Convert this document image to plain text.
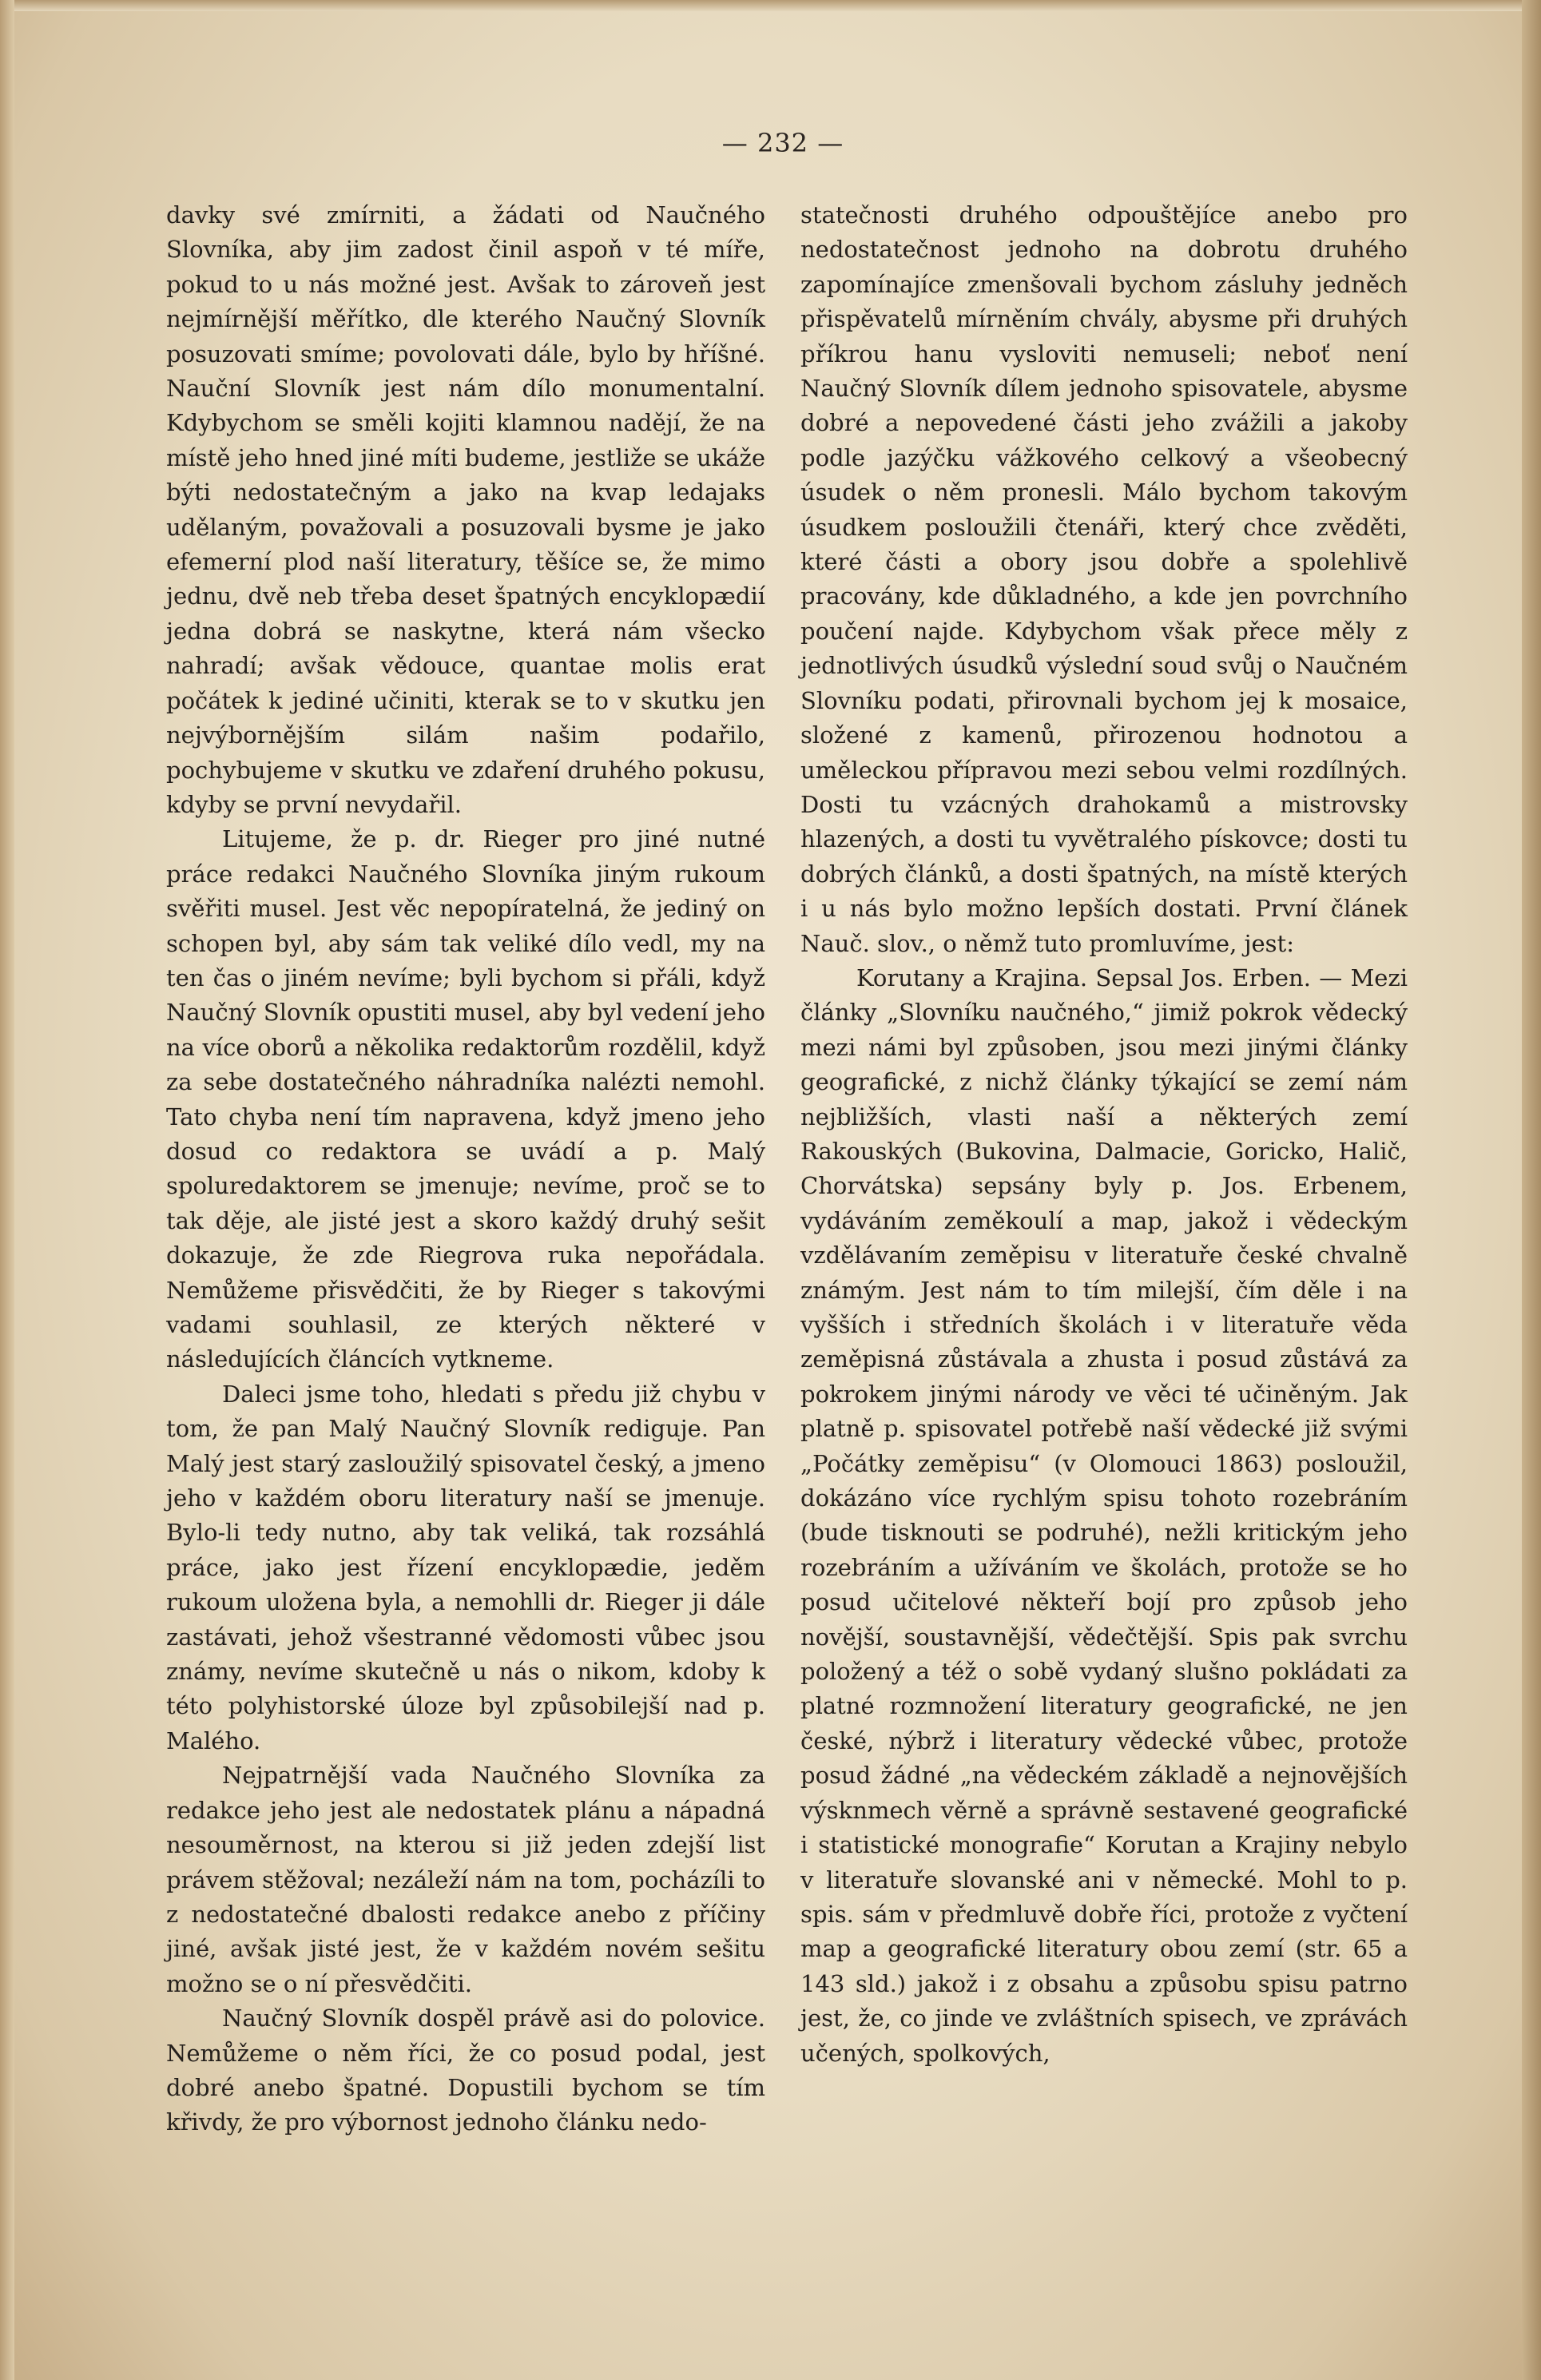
— 232 —

davky své zmírniti, a žádati od Naučného Slovníka, aby jim zadost činil aspoň v té míře, pokud to u nás možné jest. Avšak to zároveň jest nejmírnější měřítko, dle kterého Naučný Slovník posuzovati smíme; povolovati dále, bylo by hříšné. Nauční Slovník jest nám dílo monumentalní. Kdybychom se směli kojiti klamnou nadějí, že na místě jeho hned jiné míti budeme, jestliže se ukáže býti nedostatečným a jako na kvap ledajaks udělaným, považovali a posuzovali bysme je jako efemerní plod naší literatury, těšíce se, že mimo jednu, dvě neb třeba deset špatných encyklopædií jedna dobrá se naskytne, která nám všecko nahradí; avšak vědouce, quantae molis erat počátek k jediné učiniti, kterak se to v skutku jen nejvýbornějším silám našim podařilo, pochybujeme v skutku ve zdaření druhého pokusu, kdyby se první nevydařil.

Litujeme, že p. dr. Rieger pro jiné nutné práce redakci Naučného Slovníka jiným rukoum svěřiti musel. Jest věc nepopíratelná, že jediný on schopen byl, aby sám tak veliké dílo vedl, my na ten čas o jiném nevíme; byli bychom si přáli, když Naučný Slovník opustiti musel, aby byl vedení jeho na více oborů a několika redaktorům rozdělil, když za sebe dostatečného náhradníka nalézti nemohl. Tato chyba není tím napravena, když jmeno jeho dosud co redaktora se uvádí a p. Malý spoluredaktorem se jmenuje; nevíme, proč se to tak děje, ale jisté jest a skoro každý druhý sešit dokazuje, že zde Riegrova ruka nepořádala. Nemůžeme přisvědčiti, že by Rieger s takovými vadami souhlasil, ze kterých některé v následujících článcích vytkneme.

Daleci jsme toho, hledati s předu již chybu v tom, že pan Malý Naučný Slovník rediguje. Pan Malý jest starý zasloužilý spisovatel český, a jmeno jeho v každém oboru literatury naší se jmenuje. Bylo-li tedy nutno, aby tak veliká, tak rozsáhlá práce, jako jest řízení encyklopædie, jeděm rukoum uložena byla, a nemohlli dr. Rieger ji dále zastávati, jehož všestranné vědomosti vůbec jsou známy, nevíme skutečně u nás o nikom, kdoby k této polyhistorské úloze byl způsobilejší nad p. Malého.

Nejpatrnější vada Naučného Slovníka za redakce jeho jest ale nedostatek plánu a nápadná nesouměrnost, na kterou si již jeden zdejší list právem stěžoval; nezáleží nám na tom, pocházíli to z nedostatečné dbalosti redakce anebo z příčiny jiné, avšak jisté jest, že v každém novém sešitu možno se o ní přesvědčiti.

Naučný Slovník dospěl právě asi do polovice. Nemůžeme o něm říci, že co posud podal, jest dobré anebo špatné. Dopustili bychom se tím křivdy, že pro výbornost jednoho článku nedo-

statečnosti druhého odpouštějíce anebo pro nedostatečnost jednoho na dobrotu druhého zapomínajíce zmenšovali bychom zásluhy jedněch přispěvatelů mírněním chvály, abysme při druhých příkrou hanu vysloviti nemuseli; neboť není Naučný Slovník dílem jednoho spisovatele, abysme dobré a nepovedené části jeho zvážili a jakoby podle jazýčku vážkového celkový a všeobecný úsudek o něm pronesli. Málo bychom takovým úsudkem posloužili čtenáři, který chce zvěděti, které části a obory jsou dobře a spolehlivě pracovány, kde důkladného, a kde jen povrchního poučení najde. Kdybychom však přece měly z jednotlivých úsudků výslední soud svůj o Naučném Slovníku podati, přirovnali bychom jej k mosaice, složené z kamenů, přirozenou hodnotou a uměleckou přípravou mezi sebou velmi rozdílných. Dosti tu vzácných drahokamů a mistrovsky hlazených, a dosti tu vyvětralého pískovce; dosti tu dobrých článků, a dosti špatných, na místě kterých i u nás bylo možno lepších dostati. První článek Nauč. slov., o němž tuto promluvíme, jest:

Korutany a Krajina. Sepsal Jos. Erben. — Mezi články „Slovníku naučného,“ jimiž pokrok vědecký mezi námi byl způsoben, jsou mezi jinými články geografické, z nichž články týkající se zemí nám nejbližších, vlasti naší a některých zemí Rakouských (Bukovina, Dalmacie, Goricko, Halič, Chorvátska) sepsány byly p. Jos. Erbenem, vydáváním zeměkoulí a map, jakož i vědeckým vzdělávaním zeměpisu v literatuře české chvalně známým. Jest nám to tím milejší, čím děle i na vyšších i středních školách i v literatuře věda zeměpisná zůstávala a zhusta i posud zůstává za pokrokem jinými národy ve věci té učiněným. Jak platně p. spisovatel potřebě naší vědecké již svými „Počátky zeměpisu“ (v Olomouci 1863) posloužil, dokázáno více rychlým spisu tohoto rozebráním (bude tisknouti se podruhé), nežli kritickým jeho rozebráním a užíváním ve školách, protože se ho posud učitelové někteří bojí pro způsob jeho novější, soustavnější, vědečtější. Spis pak svrchu položený a též o sobě vydaný slušno pokládati za platné rozmnožení literatury geografické, ne jen české, nýbrž i literatury vědecké vůbec, protože posud žádné „na vědeckém základě a nejnovějších výsknmech věrně a správně sestavené geografické i statistické monografie“ Korutan a Krajiny nebylo v literatuře slovanské ani v německé. Mohl to p. spis. sám v předmluvě dobře říci, protože z vyčtení map a geografické literatury obou zemí (str. 65 a 143 sld.) jakož i z obsahu a způsobu spisu patrno jest, že, co jinde ve zvláštních spisech, ve zprávách učených, spolkových,
